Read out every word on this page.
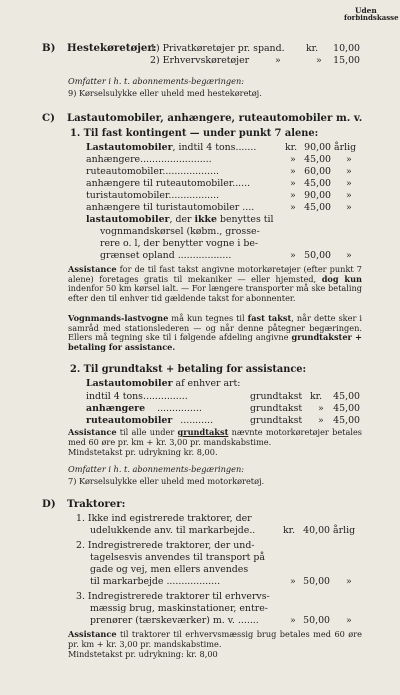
Uden
forbindskasse
B) Hestekøretøjer:
1) Privatkøretøjer pr. spand. kr.	10,00
2) Erhvervskøretøjer	»	»	15,00
Omfatter i h. t. abonnements-begæringen:
9) Kørselsulykke eller uheld med hestekøretøj.
C) Lastautomobiler, anhængere, ruteautomobiler m. v.
1. Til fast kontingent — under punkt 7 alene:
Lastautomobiler, indtil 4 tons.......	kr. 90,00 årlig
anhængere........................	» 45,00 »
ruteautomobiler...................	» 60,00 »
anhængere til ruteautomobiler......	» 45,00 »
turistautomobiler.................	» 90,00 »
anhængere til turistautomobiler ....	» 45,00 »
lastautomobiler, der ikke benyttes til
vognmandskørsel (købm., grosse-
rere o. l, der benytter vogne i be-
grænset opland ..................	» 50,00 »
Assistance for de til fast takst angivne motorkøretøjer (efter punkt 7 alene) foretages gratis til mekaniker — eller hjemsted, dog kun indenfor 50 km kørsel ialt. — For længere transporter må ske betaling efter den til enhver tid gældende takst for abonnenter.
Vognmands-lastvogne må kun tegnes til fast takst, når dette sker i samråd med stationslederen — og når denne påtegner begæringen. Ellers må tegning ske til i følgende afdeling angivne grundtakster + betaling for assistance.
2. Til grundtakst + betaling for assistance:
Lastautomobiler af enhver art:
indtil 4 tons...............	grundtakst kr.	45,00
anhængere ...............	grundtakst »	45,00
ruteautomobiler ...........	grundtakst »	45,00
Assistance til alle under grundtakst nævnte motorkøretøjer betales med 60 øre pr. km + kr. 3,00 pr. mandskabstime.
Mindstetakst pr. udrykning kr. 8,00.
Omfatter i h. t. abonnements-begæringen:
7) Kørselsulykke eller uheld med motorkøretøj.
D) Traktorer:
1. Ikke ind egistrerede traktorer, der
udelukkende anv. til markarbejde..	kr. 40,00 årlig
2. Indregistrerede traktorer, der und-
tagelsesvis anvendes til transport på
gade og vej, men ellers anvendes
til markarbejde ..................	» 50,00 »
3. Indregistrerede traktorer til erhvervs-
mæssig brug, maskinstationer, entre-
prenører (tærskeværker) m. v. .......	» 50,00 »
Assistance til traktorer til erhvervsmæssig brug betales med 60 øre pr. km + kr. 3,00 pr. mandskabstime.
Mindstetakst pr. udrykning: kr. 8,00
